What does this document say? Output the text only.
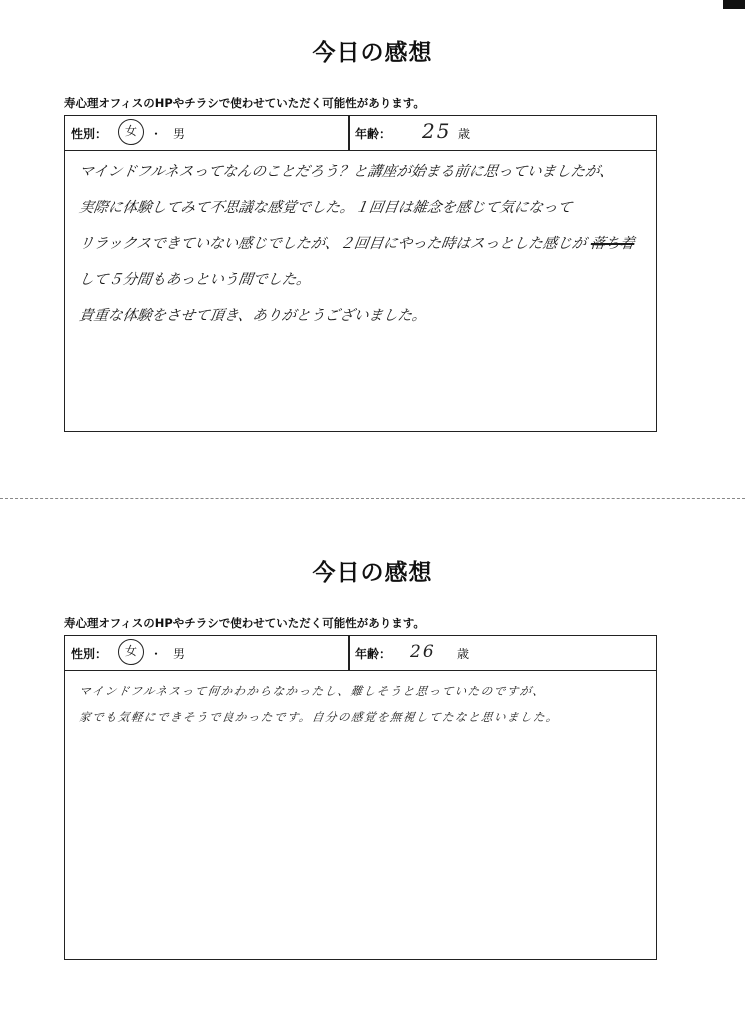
今日の感想
寿心理オフィスのHPやチラシで使わせていただく可能性があります。
性別：	女	・ 男	年齢： 25 歳
マインドフルネスってなんのことだろう？と講座が始まる前に思っていましたが、
実際に体験してみて不思議な感覚でした。１回目は雑念を感じて気になって
リラックスできていない感じでしたが、２回目にやった時はスっとした感じが 落ち着
して５分間もあっという間でした。
貴重な体験をさせて頂き、ありがとうございました。
今日の感想
寿心理オフィスのHPやチラシで使わせていただく可能性があります。
性別：	女	・ 男	年齢： 26 歳
マインドフルネスって何かわからなかったし、難しそうと思っていたのですが、
家でも気軽にできそうで良かったです。自分の感覚を無視してたなと思いました。
